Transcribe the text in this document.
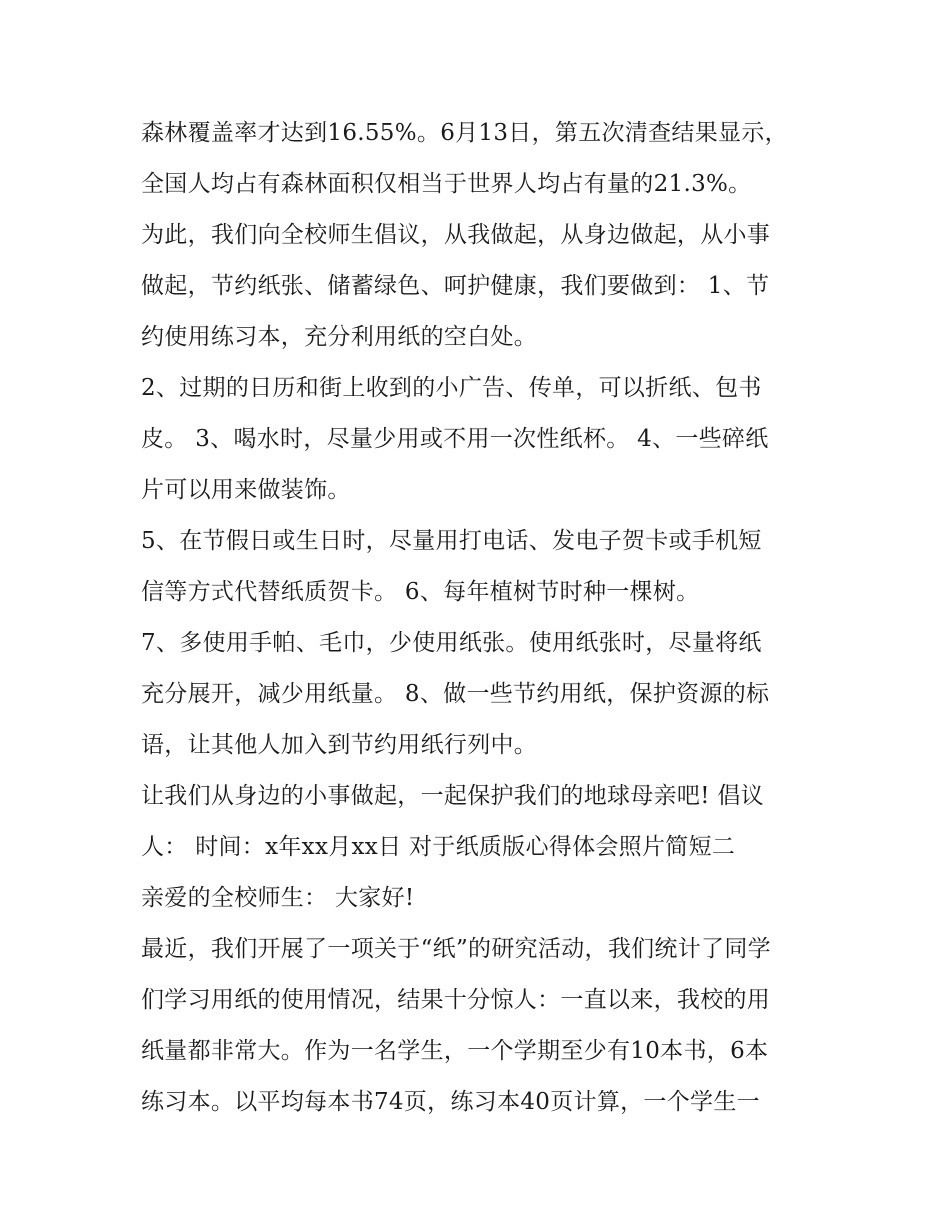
森林覆盖率才达到16.55%。6月13日，第五次清查结果显示，
全国人均占有森林面积仅相当于世界人均占有量的21.3%。
为此，我们向全校师生倡议，从我做起，从身边做起，从小事
做起，节约纸张、储蓄绿色、呵护健康，我们要做到： 1、节
约使用练习本，充分利用纸的空白处。
2、过期的日历和街上收到的小广告、传单，可以折纸、包书
皮。 3、喝水时，尽量少用或不用一次性纸杯。 4、一些碎纸
片可以用来做装饰。
5、在节假日或生日时，尽量用打电话、发电子贺卡或手机短
信等方式代替纸质贺卡。 6、每年植树节时种一棵树。
7、多使用手帕、毛巾，少使用纸张。使用纸张时，尽量将纸
充分展开，减少用纸量。 8、做一些节约用纸，保护资源的标
语，让其他人加入到节约用纸行列中。
让我们从身边的小事做起，一起保护我们的地球母亲吧! 倡议
人： 时间：x年xx月xx日 对于纸质版心得体会照片简短二
亲爱的全校师生： 大家好!
最近，我们开展了一项关于“纸”的研究活动，我们统计了同学
们学习用纸的使用情况，结果十分惊人：一直以来，我校的用
纸量都非常大。作为一名学生，一个学期至少有10本书，6本
练习本。以平均每本书74页，练习本40页计算，一个学生一
